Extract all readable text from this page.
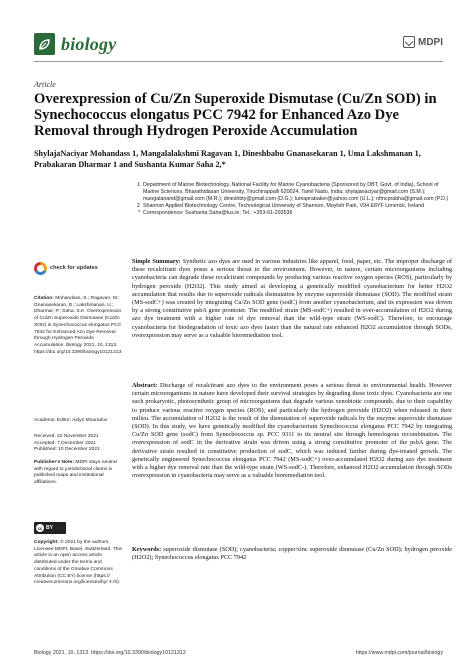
biology	MDPI
Article
Overexpression of Cu/Zn Superoxide Dismutase (Cu/Zn SOD) in Synechococcus elongatus PCC 7942 for Enhanced Azo Dye Removal through Hydrogen Peroxide Accumulation
ShylajaNaciyar Mohandass 1, Mangalalakshmi Ragavan 1, Dineshbabu Gnanasekaran 1, Uma Lakshmanan 1, Prabakaran Dharmar 1 and Sushanta Kumar Saha 2,*
1 Department of Marine Biotechnology, National Facility for Marine Cyanobacteria (Sponsored by DBT, Govt. of India), School of Marine Sciences, Bharathidasan University, Tiruchirappalli 620024, Tamil Nadu, India; shylajanaciyar@gmail.com (S.M.); mangalanand@gmail.com (M.R.); dineshbty@gmail.com (D.G.); lumaprabaker@yahoo.com (U.L.); nfmcprabha@gmail.com (P.D.)
2 Shannon Applied Biotechnology Centre, Technological University of Shannon, Moylish Park, V94 E8YF Limerick, Ireland
* Correspondence: Sushanta.Saha@tus.ie; Tel.: +353-61-293536
Simple Summary: Synthetic azo dyes are used in various industries like apparel, food, paper, etc. The improper discharge of these recalcitrant dyes poses a serious threat to the environment. However, in nature, certain microorganisms including cyanobacteria can degrade these recalcitrant compounds by producing various reactive oxygen species (ROS), particularly by hydrogen peroxide (H2O2). This study aimed at developing a genetically modified cyanobacterium for better H2O2 accumulation that results due to superoxide radicals dismutation by enzyme superoxide dismutase (SOD). The modified strain (MS-sodC+) was created by integrating Cu/Zn SOD gene (sodC) from another cyanobacterium, and its expression was driven by a strong constitutive psbA gene promoter. The modified strain (MS-sodC+) resulted in over-accumulation of H2O2 during azo dye treatment with a higher rate of dye removal than the wild-type strain (WS-sodC). Therefore, to encourage cyanobacteria for biodegradation of toxic azo dyes faster than the natural rate enhanced H2O2 accumulation through SODs, overexpression may serve as a valuable bioremediation tool.
Abstract: Discharge of recalcitrant azo dyes to the environment poses a serious threat to environmental health. However certain microorganisms in nature have developed their survival strategies by degrading these toxic dyes. Cyanobacteria are one such prokaryotic, photosynthetic group of microorganisms that degrade various xenobiotic compounds, due to their capability to produce various reactive oxygen species (ROS), and particularly the hydrogen peroxide (H2O2) when released in their milieu. The accumulation of H2O2 is the result of the dismutation of superoxide radicals by the enzyme superoxide dismutase (SOD). In this study, we have genetically modified the cyanobacterium Synechococcus elongatus PCC 7942 by integrating Cu/Zn SOD gene (sodC) from Synechococcus sp. PCC 9311 to its neutral site through homologous recombination. The overexpression of sodC in the derivative strain was driven using a strong constitutive promoter of the psbA gene. The derivative strain resulted in constitutive production of sodC, which was induced further during dye-treated growth. The genetically engineered Synechococcus elongatus PCC 7942 (MS-sodC+) over-accumulated H2O2 during azo dye treatment with a higher dye removal rate than the wild-type strain (WS-sodC-). Therefore, enhanced H2O2 accumulation through SODs overexpression in cyanobacteria may serve as a valuable bioremediation tool.
Keywords: superoxide dismutase (SOD); cyanobacteria; copper/zinc superoxide dismutase (Cu/Zn SOD); hydrogen peroxide (H2O2); Synechococcus elongatus PCC 7942
check for updates
Citation: Mohandass, S.; Ragavan, M.; Gnanasekaran, D.; Lakshmanan, U.; Dharmar, P.; Saha, S.K. Overexpression of Cu/Zn Superoxide Dismutase (Cu/Zn SOD) in Synechococcus elongatus PCC 7942 for Enhanced Azo Dye Removal through Hydrogen Peroxide Accumulation. Biology 2021, 10, 1313. https://doi.org/10.3390/biology10121313
Academic Editor: Aidyn Mouradov
Received: 22 November 2021
Accepted: 7 December 2021
Published: 10 December 2021
Publisher's Note: MDPI stays neutral with regard to jurisdictional claims in published maps and institutional affiliations.
cc BY
Copyright: © 2021 by the authors. Licensee MDPI, Basel, Switzerland. This article is an open access article distributed under the terms and conditions of the Creative Commons Attribution (CC BY) license (https:// creativecommons.org/licenses/by/ 4.0/).
Biology 2021, 10, 1313. https://doi.org/10.3390/biology10121313	https://www.mdpi.com/journal/biology
